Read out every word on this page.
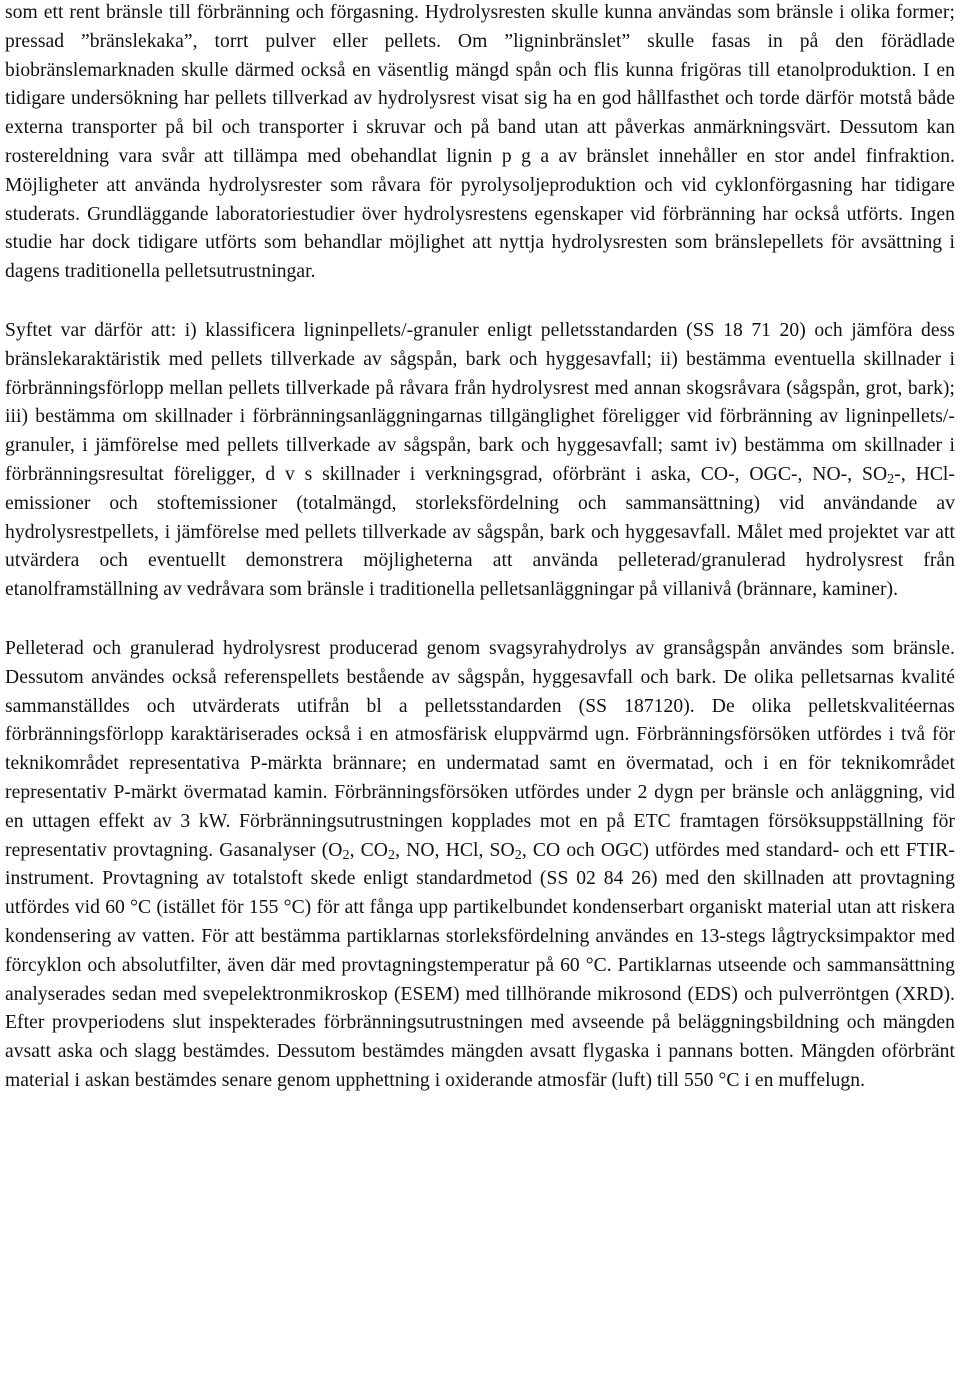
som ett rent bränsle till förbränning och förgasning. Hydrolysresten skulle kunna användas som bränsle i olika former; pressad ”bränslekaka”, torrt pulver eller pellets. Om ”ligninbränslet” skulle fasas in på den förädlade biobränslemarknaden skulle därmed också en väsentlig mängd spån och flis kunna frigöras till etanolproduktion. I en tidigare undersökning har pellets tillverkad av hydrolysrest visat sig ha en god hållfasthet och torde därför motstå både externa transporter på bil och transporter i skruvar och på band utan att påverkas anmärkningsvärt. Dessutom kan rostereldning vara svår att tillämpa med obehandlat lignin p g a av bränslet innehåller en stor andel finfraktion. Möjligheter att använda hydrolysrester som råvara för pyrolysoljeproduktion och vid cyklonförgasning har tidigare studerats. Grundläggande laboratoriestudier över hydrolysrestens egenskaper vid förbränning har också utförts. Ingen studie har dock tidigare utförts som behandlar möjlighet att nyttja hydrolysresten som bränslepellets för avsättning i dagens traditionella pelletsutrustningar.

Syftet var därför att: i) klassificera ligninpellets/-granuler enligt pelletsstandarden (SS 18 71 20) och jämföra dess bränslekaraktäristik med pellets tillverkade av sågspån, bark och hyggesavfall; ii) bestämma eventuella skillnader i förbränningsförlopp mellan pellets tillverkade på råvara från hydrolysrest med annan skogsråvara (sågspån, grot, bark); iii) bestämma om skillnader i förbränningsanläggningarnas tillgänglighet föreligger vid förbränning av ligninpellets/-granuler, i jämförelse med pellets tillverkade av sågspån, bark och hyggesavfall; samt iv) bestämma om skillnader i förbränningsresultat föreligger, d v s skillnader i verkningsgrad, oförbränt i aska, CO-, OGC-, NO-, $SO_2-$, HCl-emissioner och stoftemissioner (totalmängd, storleksfördelning och sammansättning) vid användande av hydrolysrestpellets, i jämförelse med pellets tillverkade av sågspån, bark och hyggesavfall. Målet med projektet var att utvärdera och eventuellt demonstrera möjligheterna att använda pelleterad/granulerad hydrolysrest från etanolframställning av vedråvara som bränsle i traditionella pelletsanläggningar på villanivå (brännare, kaminer).

Pelleterad och granulerad hydrolysrest producerad genom svagsyrahydrolys av gransågspån användes som bränsle. Dessutom användes också referenspellets bestående av sågspån, hyggesavfall och bark. De olika pelletsarnas kvalité sammanställdes och utvärderats utifrån bl a pelletsstandarden (SS 187120). De olika pelletskvalitéernas förbränningsförlopp karaktäriserades också i en atmosfärisk eluppvärmd ugn. Förbränningsförsöken utfördes i två för teknikområdet representativa P-märkta brännare; en undermatad samt en övermatad, och i en för teknikområdet representativ P-märkt övermatad kamin. Förbränningsförsöken utfördes under 2 dygn per bränsle och anläggning, vid en uttagen effekt av 3 kW. Förbränningsutrustningen kopplades mot en på ETC framtagen försöksuppställning för representativ provtagning. Gasanalyser ($O_2$, $CO_2$, NO, HCl, $SO_2$, CO och OGC) utfördes med standard- och ett FTIR-instrument. Provtagning av totalstoft skede enligt standardmetod (SS 02 84 26) med den skillnaden att provtagning utfördes vid 60 °C (istället för 155 °C) för att fånga upp partikelbundet kondenserbart organiskt material utan att riskera kondensering av vatten. För att bestämma partiklarnas storleksfördelning användes en 13-stegs lågtrycksimpaktor med förcyklon och absolutfilter, även där med provtagningstemperatur på 60 °C. Partiklarnas utseende och sammansättning analyserades sedan med svepelektronmikroskop (ESEM) med tillhörande mikrosond (EDS) och pulverröntgen (XRD). Efter provperiodens slut inspekterades förbränningsutrustningen med avseende på beläggningsbildning och mängden avsatt aska och slagg bestämdes. Dessutom bestämdes mängden avsatt flygaska i pannans botten. Mängden oförbränt material i askan bestämdes senare genom upphettning i oxiderande atmosfär (luft) till 550 °C i en muffelugn.
